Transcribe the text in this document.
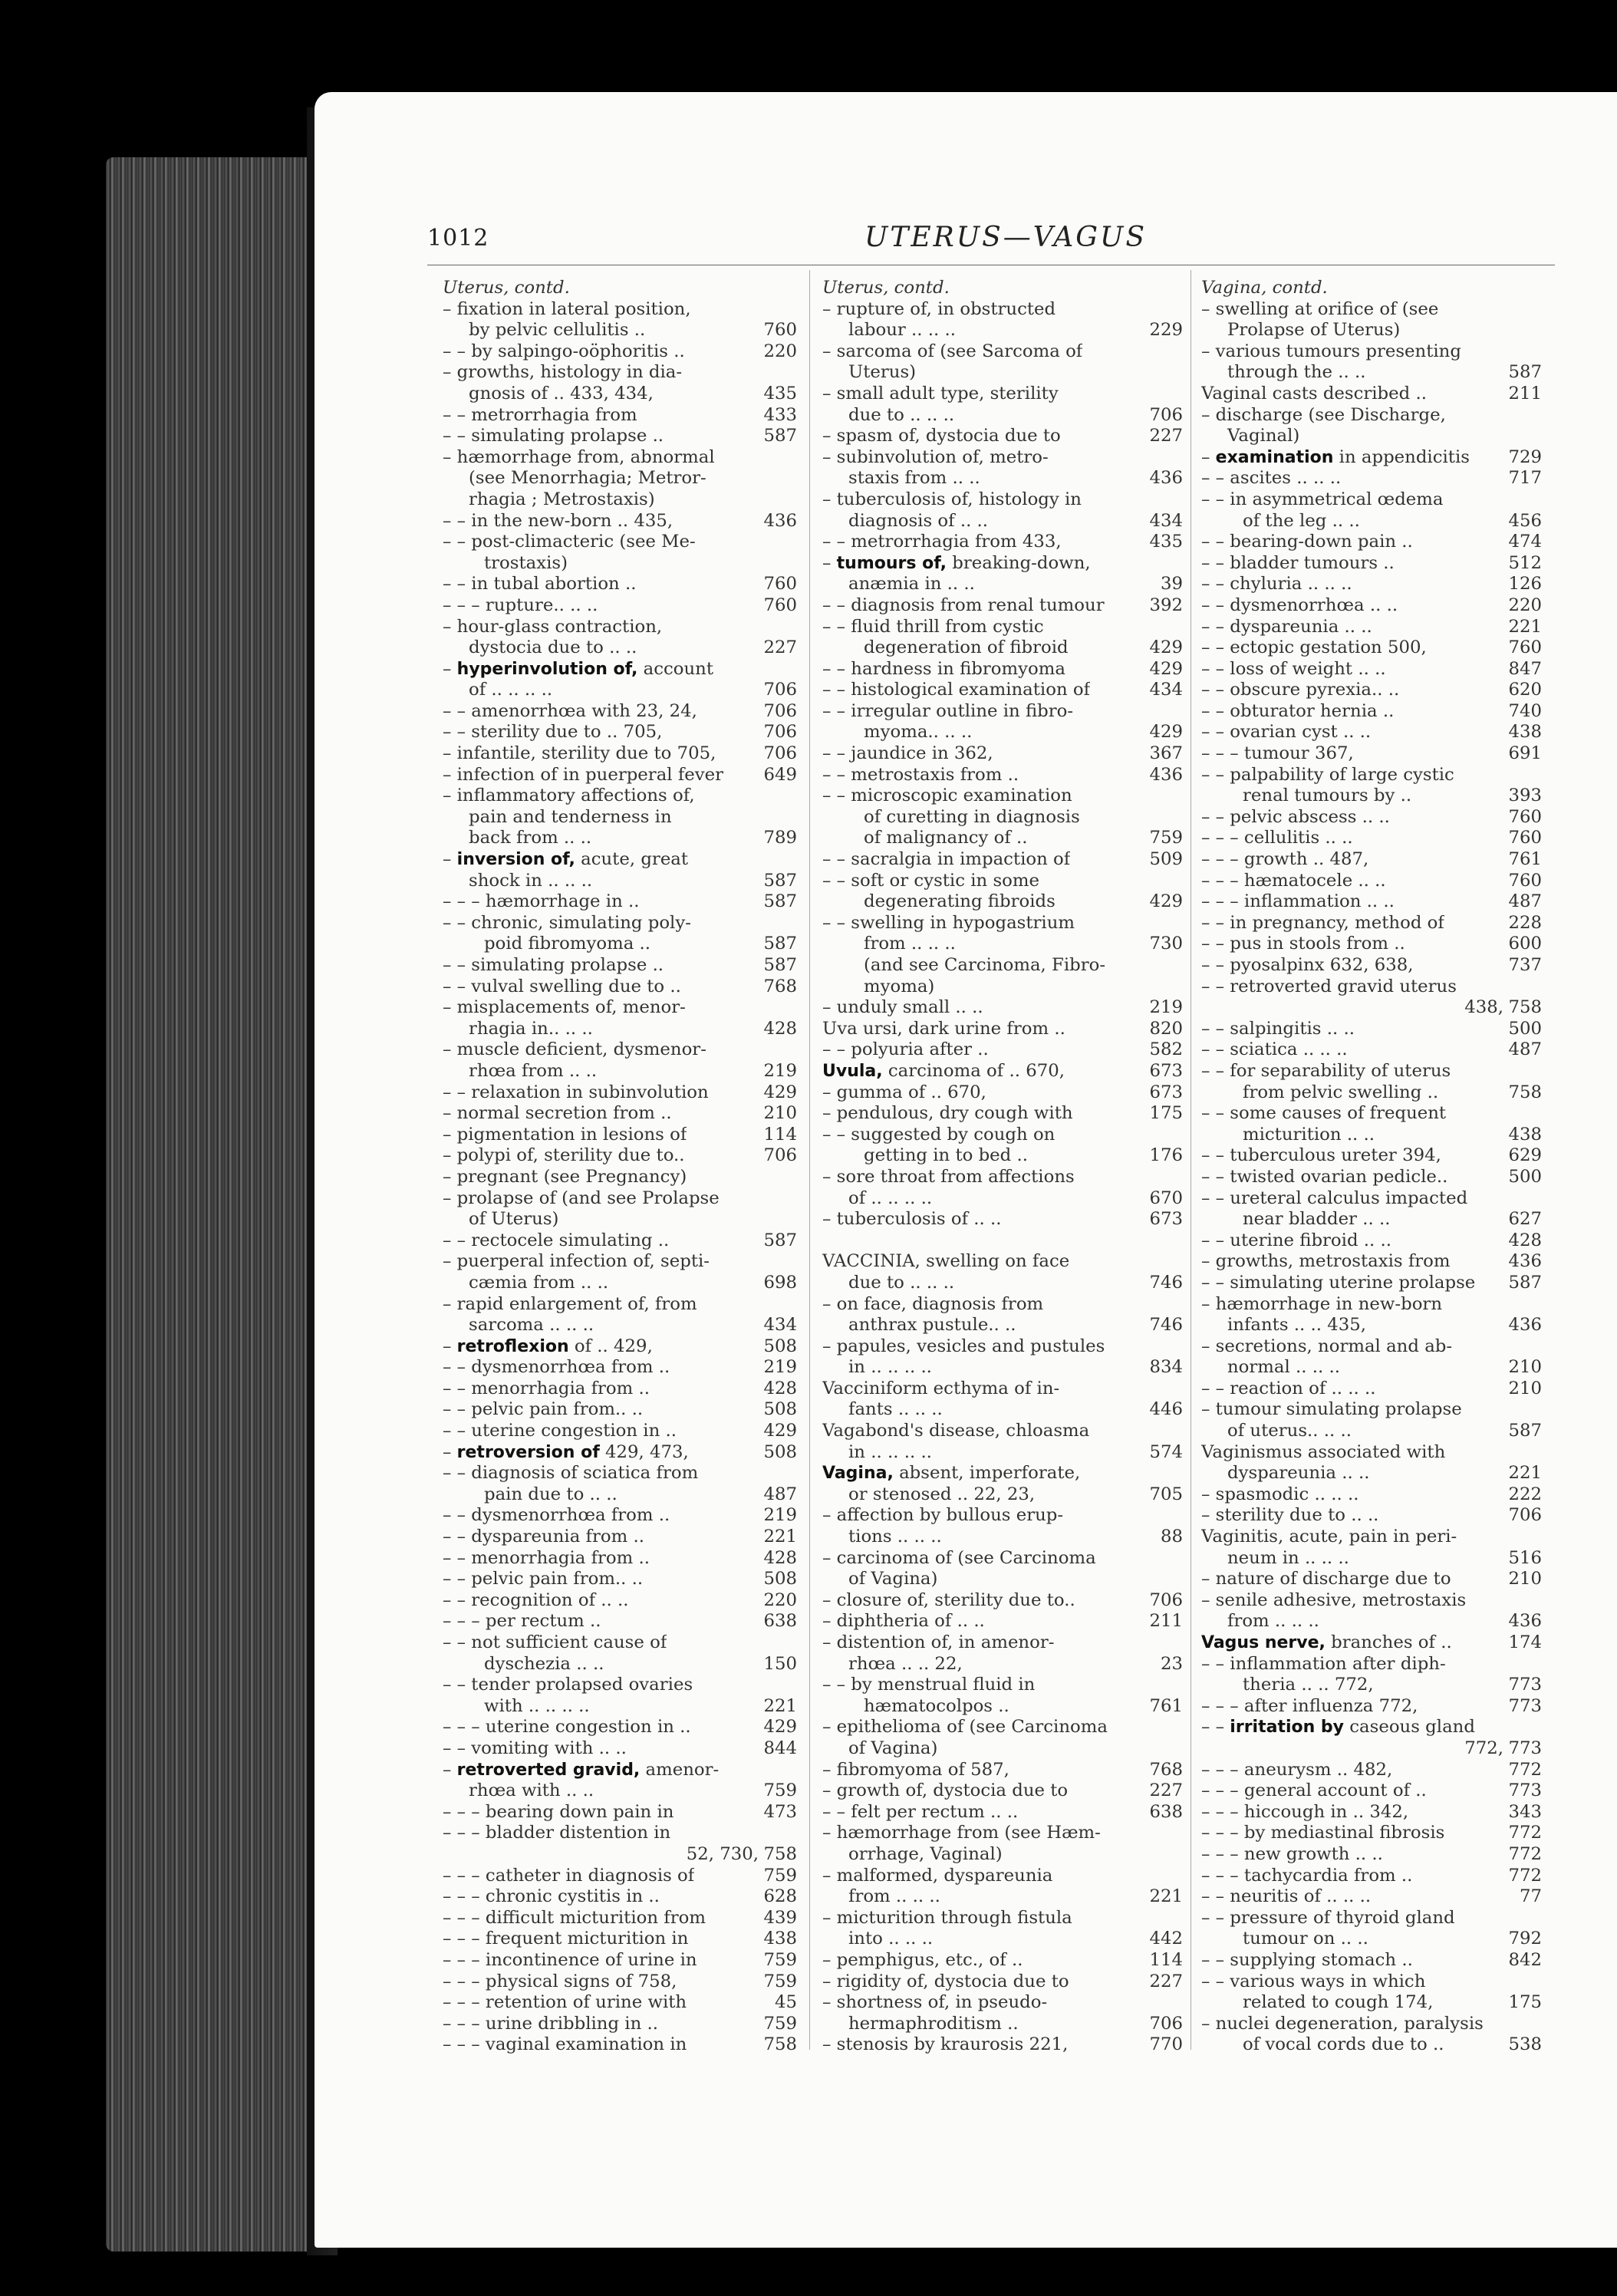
1012	UTERUS—VAGUS
Uterus, contd.
– fixation in lateral position,
by pelvic cellulitis ..	760
– – by salpingo-oöphoritis ..	220
– growths, histology in dia-
gnosis of .. 433, 434,	435
– – metrorrhagia from	433
– – simulating prolapse ..	587
– hæmorrhage from, abnormal
(see Menorrhagia; Metror-
rhagia ; Metrostaxis)
– – in the new-born .. 435,	436
– – post-climacteric (see Me-
trostaxis)
– – in tubal abortion ..	760
– – – rupture.. .. ..	760
– hour-glass contraction,
dystocia due to .. ..	227
– hyperinvolution of, account
of .. .. .. ..	706
– – amenorrhœa with 23, 24,	706
– – sterility due to .. 705,	706
– infantile, sterility due to 705,	706
– infection of in puerperal fever 649
– inflammatory affections of,
pain and tenderness in
back from .. ..	789
– inversion of, acute, great
shock in .. .. ..	587
– – – hæmorrhage in ..	587
– – chronic, simulating poly-
poid fibromyoma ..	587
– – simulating prolapse ..	587
– – vulval swelling due to ..	768
– misplacements of, menor-
rhagia in.. .. ..	428
– muscle deficient, dysmenor-
rhœa from .. ..	219
– – relaxation in subinvolution	429
– normal secretion from ..	210
– pigmentation in lesions of	114
– polypi of, sterility due to..	706
– pregnant (see Pregnancy)
– prolapse of (and see Prolapse
of Uterus)
– – rectocele simulating ..	587
– puerperal infection of, septi-
cæmia from .. ..	698
– rapid enlargement of, from
sarcoma .. .. ..	434
– retroflexion of .. 429,	508
– – dysmenorrhœa from ..	219
– – menorrhagia from ..	428
– – pelvic pain from.. ..	508
– – uterine congestion in ..	429
– retroversion of 429, 473,	508
– – diagnosis of sciatica from
pain due to .. ..	487
– – dysmenorrhœa from ..	219
– – dyspareunia from ..	221
– – menorrhagia from ..	428
– – pelvic pain from.. ..	508
– – recognition of .. ..	220
– – – per rectum ..	638
– – not sufficient cause of
dyschezia .. ..	150
– – tender prolapsed ovaries
with .. .. .. ..	221
– – – uterine congestion in ..	429
– – vomiting with .. ..	844
– retroverted gravid, amenor-
rhœa with .. ..	759
– – – bearing down pain in	473
– – – bladder distention in
52, 730, 758
– – – catheter in diagnosis of	759
– – – chronic cystitis in ..	628
– – – difficult micturition from	439
– – – frequent micturition in	438
– – – incontinence of urine in	759
– – – physical signs of 758,	759
– – – retention of urine with	45
– – – urine dribbling in ..	759
– – – vaginal examination in	758
Uterus, contd.
– rupture of, in obstructed
labour .. .. ..	229
– sarcoma of (see Sarcoma of
Uterus)
– small adult type, sterility
due to .. .. ..	706
– spasm of, dystocia due to	227
– subinvolution of, metro-
staxis from .. ..	436
– tuberculosis of, histology in
diagnosis of .. ..	434
– – metrorrhagia from 433,	435
– tumours of, breaking-down,
anæmia in .. ..	39
– – diagnosis from renal tumour	392
– – fluid thrill from cystic
degeneration of fibroid	429
– – hardness in fibromyoma	429
– – histological examination of	434
– – irregular outline in fibro-
myoma.. .. ..	429
– – jaundice in 362,	367
– – metrostaxis from ..	436
– – microscopic examination
of curetting in diagnosis
of malignancy of ..	759
– – sacralgia in impaction of	509
– – soft or cystic in some
degenerating fibroids	429
– – swelling in hypogastrium
from .. .. ..	730
(and see Carcinoma, Fibro-
myoma)
– unduly small .. ..	219
Uva ursi, dark urine from ..	820
– – polyuria after ..	582
Uvula, carcinoma of .. 670,	673
– gumma of .. 670,	673
– pendulous, dry cough with	175
– – suggested by cough on
getting in to bed ..	176
– sore throat from affections
of .. .. .. ..	670
– tuberculosis of .. ..	673
VACCINIA, swelling on face
due to .. .. ..	746
– on face, diagnosis from
anthrax pustule.. ..	746
– papules, vesicles and pustules
in .. .. .. ..	834
Vacciniform ecthyma of in-
fants .. .. ..	446
Vagabond's disease, chloasma
in .. .. .. ..	574
Vagina, absent, imperforate,
or stenosed .. 22, 23,	705
– affection by bullous erup-
tions .. .. ..	88
– carcinoma of (see Carcinoma
of Vagina)
– closure of, sterility due to..	706
– diphtheria of .. ..	211
– distention of, in amenor-
rhœa .. .. 22,	23
– – by menstrual fluid in
hæmatocolpos ..	761
– epithelioma of (see Carcinoma
of Vagina)
– fibromyoma of 587,	768
– growth of, dystocia due to	227
– – felt per rectum .. ..	638
– hæmorrhage from (see Hæm-
orrhage, Vaginal)
– malformed, dyspareunia
from .. .. ..	221
– micturition through fistula
into .. .. ..	442
– pemphigus, etc., of ..	114
– rigidity of, dystocia due to	227
– shortness of, in pseudo-
hermaphroditism ..	706
– stenosis by kraurosis 221,	770
Vagina, contd.
– swelling at orifice of (see
Prolapse of Uterus)
– various tumours presenting
through the .. ..	587
Vaginal casts described ..	211
– discharge (see Discharge,
Vaginal)
– examination in appendicitis 729
– – ascites .. .. ..	717
– – in asymmetrical œdema
of the leg .. ..	456
– – bearing-down pain ..	474
– – bladder tumours ..	512
– – chyluria .. .. ..	126
– – dysmenorrhœa .. ..	220
– – dyspareunia .. ..	221
– – ectopic gestation 500,	760
– – loss of weight .. ..	847
– – obscure pyrexia.. ..	620
– – obturator hernia ..	740
– – ovarian cyst .. ..	438
– – – tumour 367,	691
– – palpability of large cystic
renal tumours by ..	393
– – pelvic abscess .. ..	760
– – – cellulitis .. ..	760
– – – growth .. 487,	761
– – – hæmatocele .. ..	760
– – – inflammation .. ..	487
– – in pregnancy, method of	228
– – pus in stools from ..	600
– – pyosalpinx 632, 638,	737
– – retroverted gravid uterus
438, 758
– – salpingitis .. ..	500
– – sciatica .. .. ..	487
– – for separability of uterus
from pelvic swelling ..	758
– – some causes of frequent
micturition .. ..	438
– – tuberculous ureter 394,	629
– – twisted ovarian pedicle..	500
– – ureteral calculus impacted
near bladder .. ..	627
– – uterine fibroid .. ..	428
– growths, metrostaxis from	436
– – simulating uterine prolapse 587
– hæmorrhage in new-born
infants .. .. 435,	436
– secretions, normal and ab-
normal .. .. ..	210
– – reaction of .. .. ..	210
– tumour simulating prolapse
of uterus.. .. ..	587
Vaginismus associated with
dyspareunia .. ..	221
– spasmodic .. .. ..	222
– sterility due to .. ..	706
Vaginitis, acute, pain in peri-
neum in .. .. ..	516
– nature of discharge due to	210
– senile adhesive, metrostaxis
from .. .. ..	436
Vagus nerve, branches of ..	174
– – inflammation after diph-
theria .. .. 772,	773
– – – after influenza 772,	773
– – irritation by caseous gland
772, 773
– – – aneurysm .. 482,	772
– – – general account of ..	773
– – – hiccough in .. 342,	343
– – – by mediastinal fibrosis	772
– – – new growth .. ..	772
– – – tachycardia from ..	772
– – neuritis of .. .. ..	77
– – pressure of thyroid gland
tumour on .. ..	792
– – supplying stomach ..	842
– – various ways in which
related to cough 174,	175
– nuclei degeneration, paralysis
of vocal cords due to ..	538
